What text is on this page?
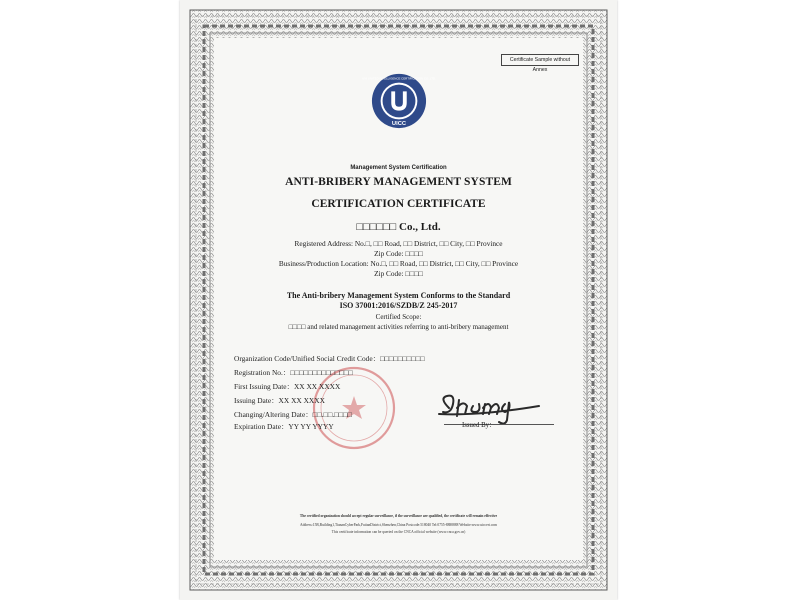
Certificate Sample without Annex
UICC
UNI UNITED INTELLIGENCE CERTIFICATION CO.,LTD.
Management System Certification
ANTI-BRIBERY MANAGEMENT SYSTEM
CERTIFICATION CERTIFICATE
□□□□□□ Co., Ltd.
Registered Address: No.□, □□ Road, □□ District, □□ City, □□ Province
Zip Code: □□□□
Business/Production Location: No.□, □□ Road, □□ District, □□ City, □□ Province
Zip Code: □□□□
The Anti-bribery Management System Conforms to the Standard
ISO 37001:2016/SZDB/Z 245-2017
Certified Scope:
□□□□ and related management activities referring to anti-bribery management
Organization Code/Unified Social Credit Code：□□□□□□□□□□
Registration No.：□□□□□□□□□□□□□□
First Issuing Date：XX XX XXXX
Issuing Date：XX XX XXXX
Changing/Altering Date：□□.□□.□□□□
Expiration Date：YY YY YYYY	Issued By：
The certified organization should accept regular surveillance, if the surveillance are qualified, the certificate will remain effective
Address:15B,Building1,TiananCyberPark,FutianDistrict,Shenzhen,China Postcode:518040 Tel:0755-8888888 Website:www.uiccert.com
This certificate information can be queried on the CNCA official website (www.cnca.gov.cn)
